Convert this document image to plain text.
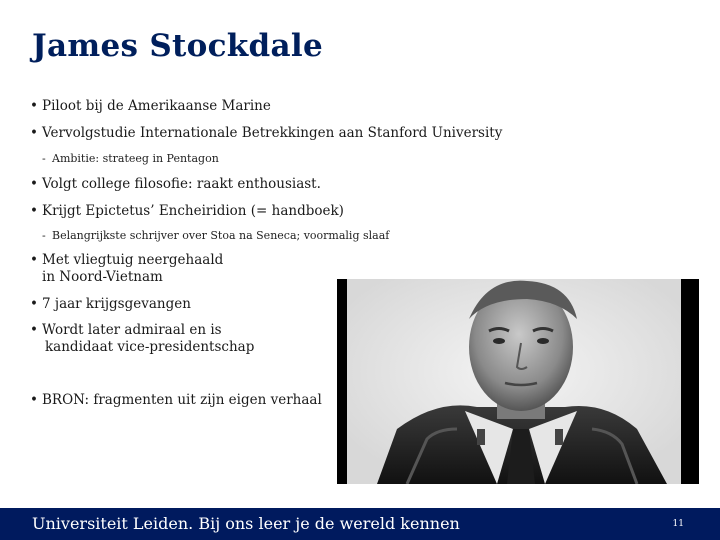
James Stockdale
• Piloot bij de Amerikaanse Marine
• Vervolgstudie Internationale Betrekkingen aan Stanford University
- Ambitie: strateeg in Pentagon
• Volgt college filosofie: raakt enthousiast.
• Krijgt Epictetus’ Encheiridion (= handboek)
- Belangrijkste schrijver over Stoa na Seneca; voormalig slaaf
• Met vliegtuig neergehaald
in Noord-Vietnam
• 7 jaar krijgsgevangen
• Wordt later admiraal en is
kandidaat vice-presidentschap
• BRON: fragmenten uit zijn eigen verhaal
Universiteit Leiden. Bij ons leer je de wereld kennen	11
